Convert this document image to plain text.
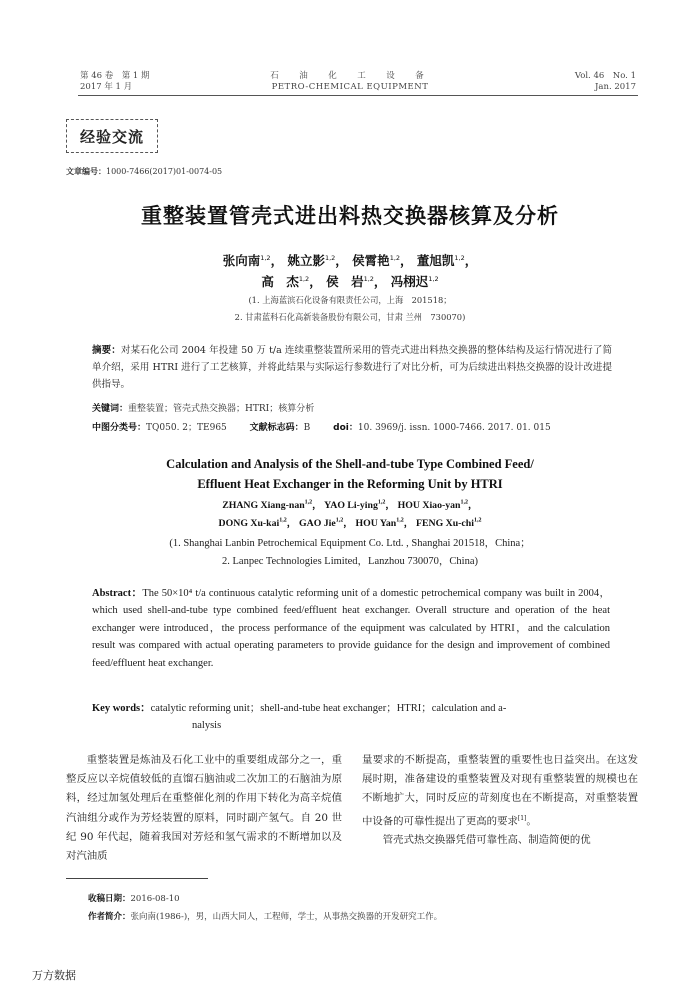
第 46 卷　第 1 期
2017 年 1 月
石　油　化　工　设　备
PETRO-CHEMICAL EQUIPMENT
Vol. 46　No. 1
Jan. 2017
经验交流
文章编号：1000-7466(2017)01-0074-05
重整装置管壳式进出料热交换器核算及分析
张向南$^{1,2}$， 姚立影$^{1,2}$， 侯霄艳$^{1,2}$， 董旭凯$^{1,2}$，
高　杰$^{1,2}$， 侯　岩$^{1,2}$， 冯栩迟$^{1,2}$
(1. 上海蓝滨石化设备有限责任公司，上海　201518；
2. 甘肃蓝科石化高新装备股份有限公司，甘肃 兰州　730070)
摘要：对某石化公司 2004 年投建 50 万 t/a 连续重整装置所采用的管壳式进出料热交换器的整体结构及运行情况进行了简单介绍，采用 HTRI 进行了工艺核算，并将此结果与实际运行参数进行了对比分析，可为后续进出料热交换器的设计改进提供指导。
关键词：重整装置；管壳式热交换器；HTRI；核算分析
中图分类号：TQ050. 2；TE965	文献标志码：B	doi：10. 3969/j. issn. 1000-7466. 2017. 01. 015
Calculation and Analysis of the Shell-and-tube Type Combined Feed/
Effluent Heat Exchanger in the Reforming Unit by HTRI
ZHANG Xiang-nan$^{1,2}$， YAO Li-ying$^{1,2}$， HOU Xiao-yan$^{1,2}$，
DONG Xu-kai$^{1,2}$， GAO Jie$^{1,2}$， HOU Yan$^{1,2}$， FENG Xu-chi$^{1,2}$
(1. Shanghai Lanbin Petrochemical Equipment Co. Ltd. , Shanghai 201518，China；
2. Lanpec Technologies Limited，Lanzhou 730070，China)
Abstract：The 50×10⁴ t/a continuous catalytic reforming unit of a domestic petrochemical company was built in 2004，which used shell-and-tube type combined feed/effluent heat exchanger. Overall structure and operation of the heat exchanger were introduced，the process performance of the equipment was calculated by HTRI，and the calculation result was compared with actual operating parameters to provide guidance for the design and improvement of combined feed/effluent heat exchanger.
Key words：catalytic reforming unit；shell-and-tube heat exchanger；HTRI；calculation and a-
nalysis

重整装置是炼油及石化工业中的重要组成部分之一，重整反应以辛烷值较低的直馏石脑油或二次加工的石脑油为原料，经过加氢处理后在重整催化剂的作用下转化为高辛烷值汽油组分或作为芳烃装置的原料，同时副产氢气。自 20 世纪 90 年代起，随着我国对芳烃和氢气需求的不断增加以及对汽油质

量要求的不断提高，重整装置的重要性也日益突出。在这发展时期，准备建设的重整装置及对现有重整装置的规模也在不断地扩大，同时反应的苛刻度也在不断提高，对重整装置中设备的可靠性提出了更高的要求[1]。

管壳式热交换器凭借可靠性高、制造简便的优

收稿日期：2016-08-10
作者简介：张向南(1986-)，男，山西大同人，工程师，学士，从事热交换器的开发研究工作。
万方数据
